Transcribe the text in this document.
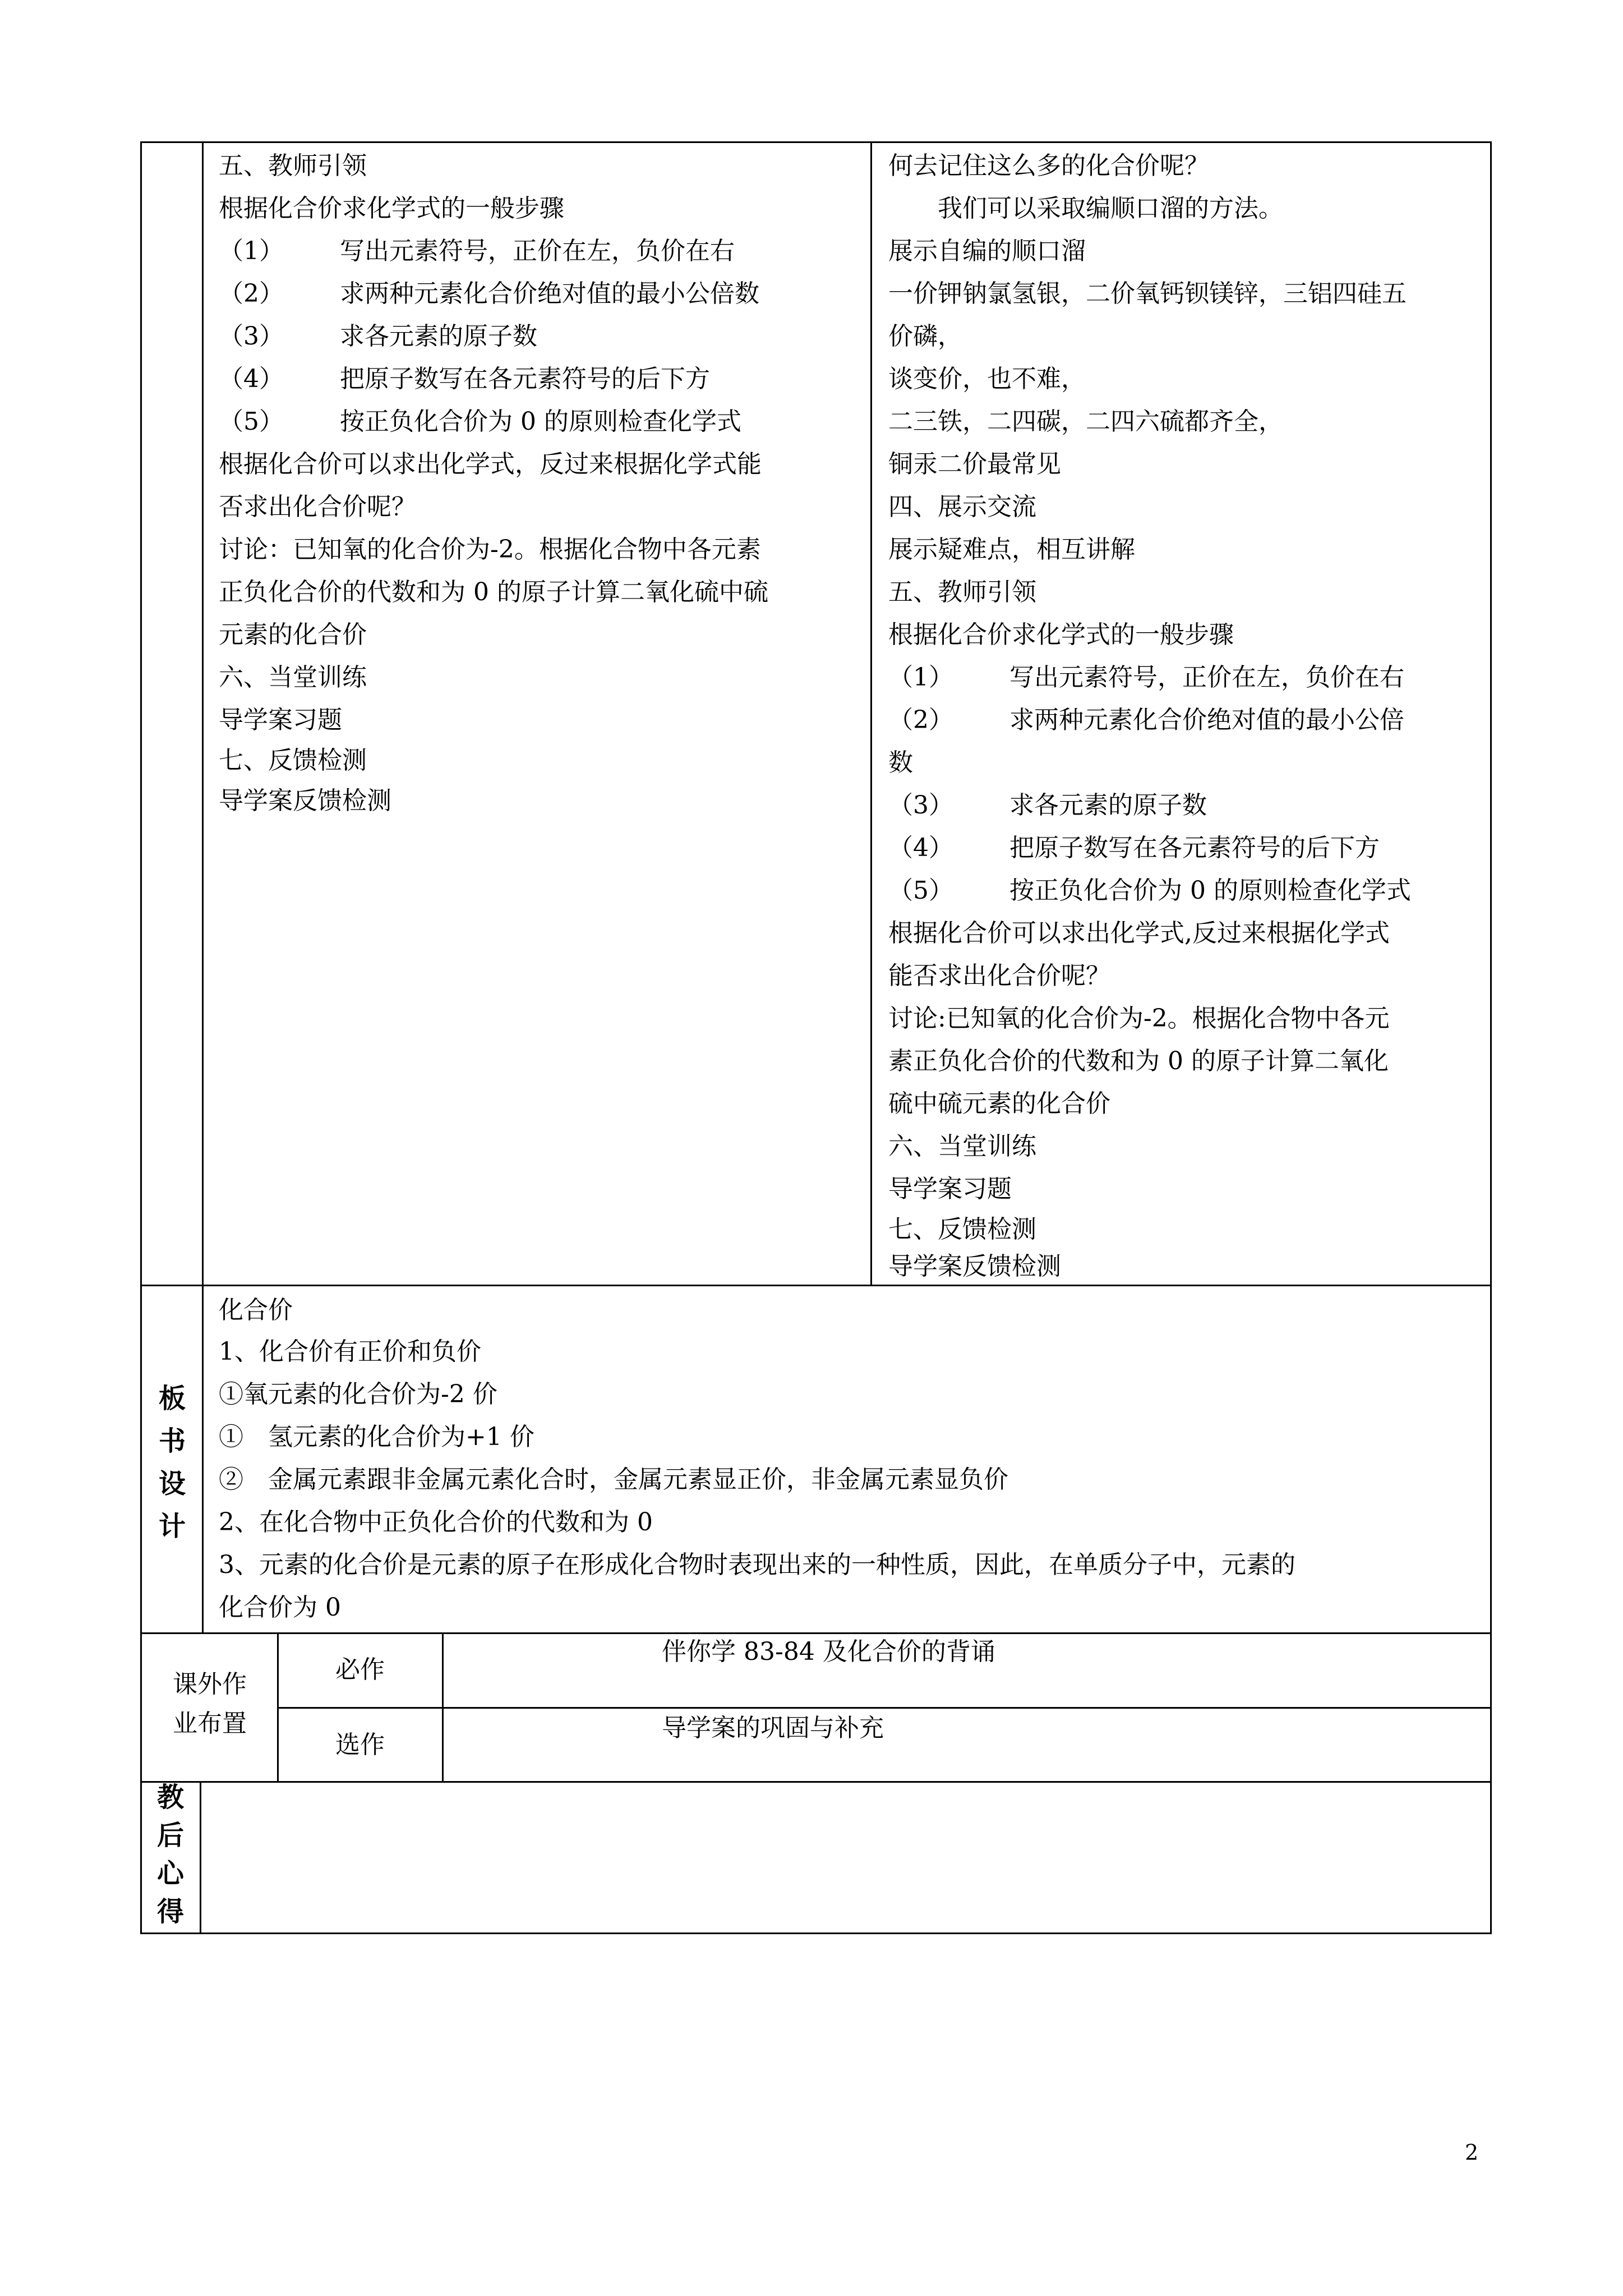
五、教师引领
根据化合价求化学式的一般步骤
（1） 写出元素符号，正价在左，负价在右
（2） 求两种元素化合价绝对值的最小公倍数
（3） 求各元素的原子数
（4） 把原子数写在各元素符号的后下方
（5） 按正负化合价为 0 的原则检查化学式
根据化合价可以求出化学式，反过来根据化学式能
否求出化合价呢？
讨论：已知氧的化合价为-2。根据化合物中各元素
正负化合价的代数和为 0 的原子计算二氧化硫中硫
元素的化合价
六、当堂训练
导学案习题
七、反馈检测
导学案反馈检测
何去记住这么多的化合价呢？
　　我们可以采取编顺口溜的方法。
展示自编的顺口溜
一价钾钠氯氢银，二价氧钙钡镁锌，三铝四硅五
价磷，
谈变价，也不难，
二三铁，二四碳，二四六硫都齐全，
铜汞二价最常见
四、展示交流
展示疑难点，相互讲解
五、教师引领
根据化合价求化学式的一般步骤
（1） 写出元素符号，正价在左，负价在右
（2） 求两种元素化合价绝对值的最小公倍
数
（3） 求各元素的原子数
（4） 把原子数写在各元素符号的后下方
（5） 按正负化合价为 0 的原则检查化学式
根据化合价可以求出化学式,反过来根据化学式
能否求出化合价呢？
讨论:已知氧的化合价为-2。根据化合物中各元
素正负化合价的代数和为 0 的原子计算二氧化
硫中硫元素的化合价
六、当堂训练
导学案习题
七、反馈检测
导学案反馈检测
板
书
设
计
化合价
1、化合价有正价和负价
①氧元素的化合价为-2 价
①　氢元素的化合价为+1 价
②　金属元素跟非金属元素化合时，金属元素显正价，非金属元素显负价
2、在化合物中正负化合价的代数和为 0
3、元素的化合价是元素的原子在形成化合物时表现出来的一种性质，因此，在单质分子中，元素的
化合价为 0
课外作
业布置
必作
伴你学 83-84 及化合价的背诵
选作
导学案的巩固与补充
教
后
心
得
2
